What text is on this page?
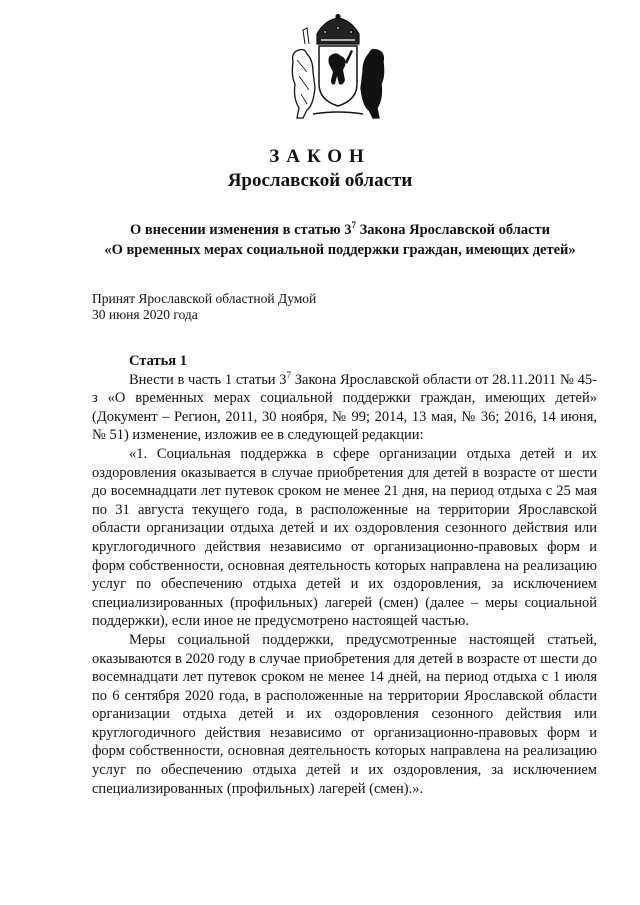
ЗАКОН
Ярославской области
О внесении изменения в статью $3^7$ Закона Ярославской области
«О временных мерах социальной поддержки граждан, имеющих детей»
Принят Ярославской областной Думой
30 июня 2020 года
Статья 1

Внести в часть 1 статьи $3^7$ Закона Ярославской области от 28.11.2011 № 45-з «О временных мерах социальной поддержки граждан, имеющих детей» (Документ – Регион, 2011, 30 ноября, № 99; 2014, 13 мая, № 36; 2016, 14 июня, № 51) изменение, изложив ее в следующей редакции:

«1. Социальная поддержка в сфере организации отдыха детей и их оздоровления оказывается в случае приобретения для детей в возрасте от шести до восемнадцати лет путевок сроком не менее 21 дня, на период отдыха с 25 мая по 31 августа текущего года, в расположенные на территории Ярославской области организации отдыха детей и их оздоровления сезонного действия или круглогодичного действия независимо от организационно-правовых форм и форм собственности, основная деятельность которых направлена на реализацию услуг по обеспечению отдыха детей и их оздоровления, за исключением специализированных (профильных) лагерей (смен) (далее – меры социальной поддержки), если иное не предусмотрено настоящей частью.

Меры социальной поддержки, предусмотренные настоящей статьей, оказываются в 2020 году в случае приобретения для детей в возрасте от шести до восемнадцати лет путевок сроком не менее 14 дней, на период отдыха с 1 июля по 6 сентября 2020 года, в расположенные на территории Ярославской области организации отдыха детей и их оздоровления сезонного действия или круглогодичного действия независимо от организационно-правовых форм и форм собственности, основная деятельность которых направлена на реализацию услуг по обеспечению отдыха детей и их оздоровления, за исключением специализированных (профильных) лагерей (смен).».
